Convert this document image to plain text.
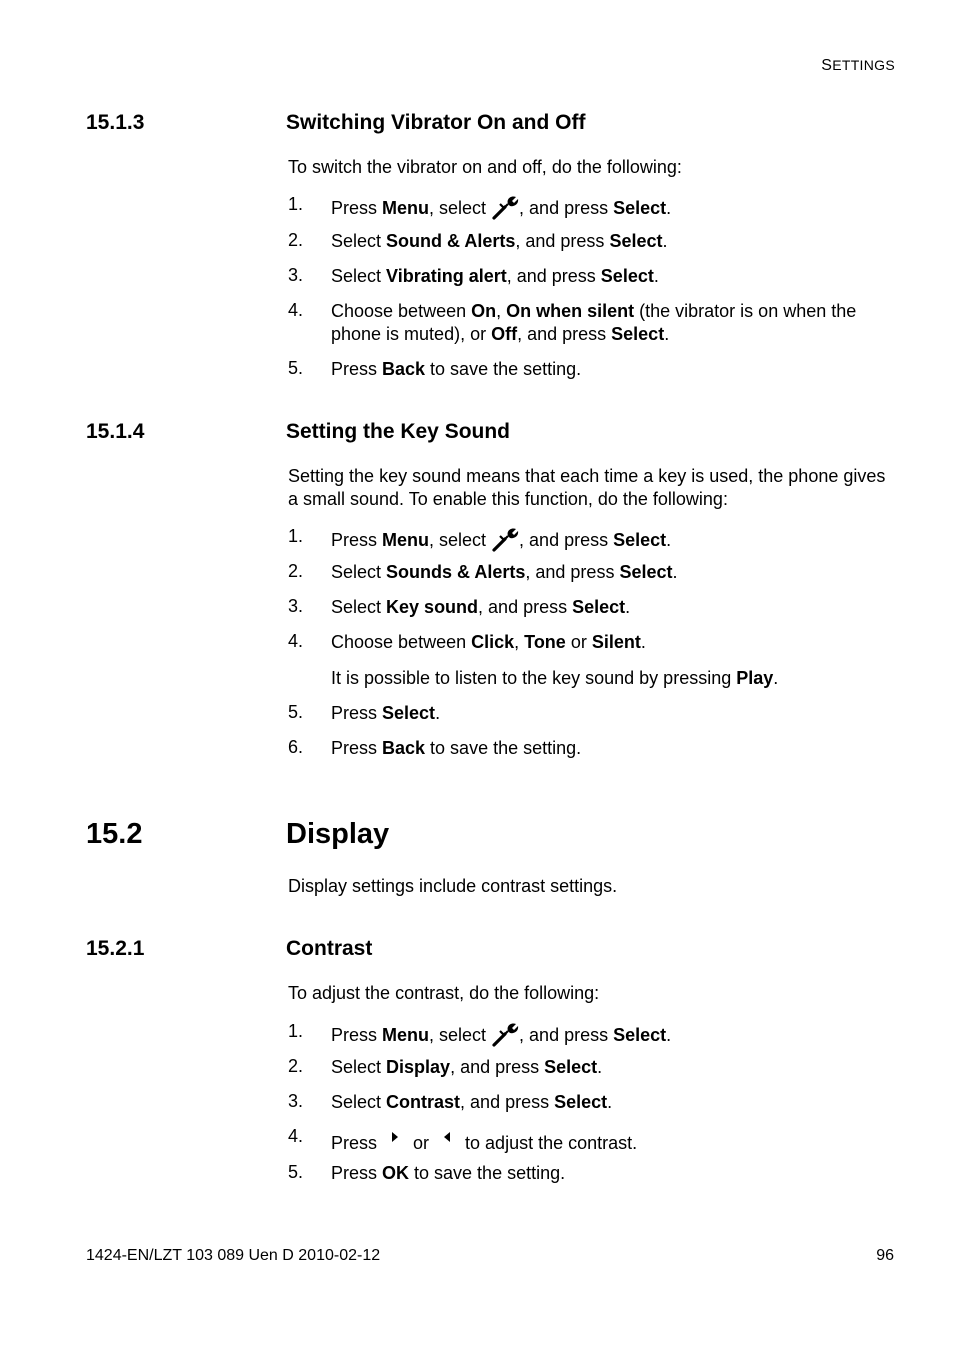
SETTINGS
15.1.3	Switching Vibrator On and Off
To switch the vibrator on and off, do the following:
1. Press Menu, select , and press Select.
2. Select Sound & Alerts, and press Select.
3. Select Vibrating alert, and press Select.
4. Choose between On, On when silent (the vibrator is on when the phone is muted), or Off, and press Select.
5. Press Back to save the setting.
15.1.4	Setting the Key Sound
Setting the key sound means that each time a key is used, the phone gives a small sound. To enable this function, do the following:
1. Press Menu, select , and press Select.
2. Select Sounds & Alerts, and press Select.
3. Select Key sound, and press Select.
4. Choose between Click, Tone or Silent.
It is possible to listen to the key sound by pressing Play.
5. Press Select.
6. Press Back to save the setting.
15.2	Display
Display settings include contrast settings.
15.2.1	Contrast
To adjust the contrast, do the following:
1. Press Menu, select , and press Select.
2. Select Display, and press Select.
3. Select Contrast, and press Select.
4. Press  or  to adjust the contrast.
5. Press OK to save the setting.
1424-EN/LZT 103 089 Uen D 2010-02-12	96
